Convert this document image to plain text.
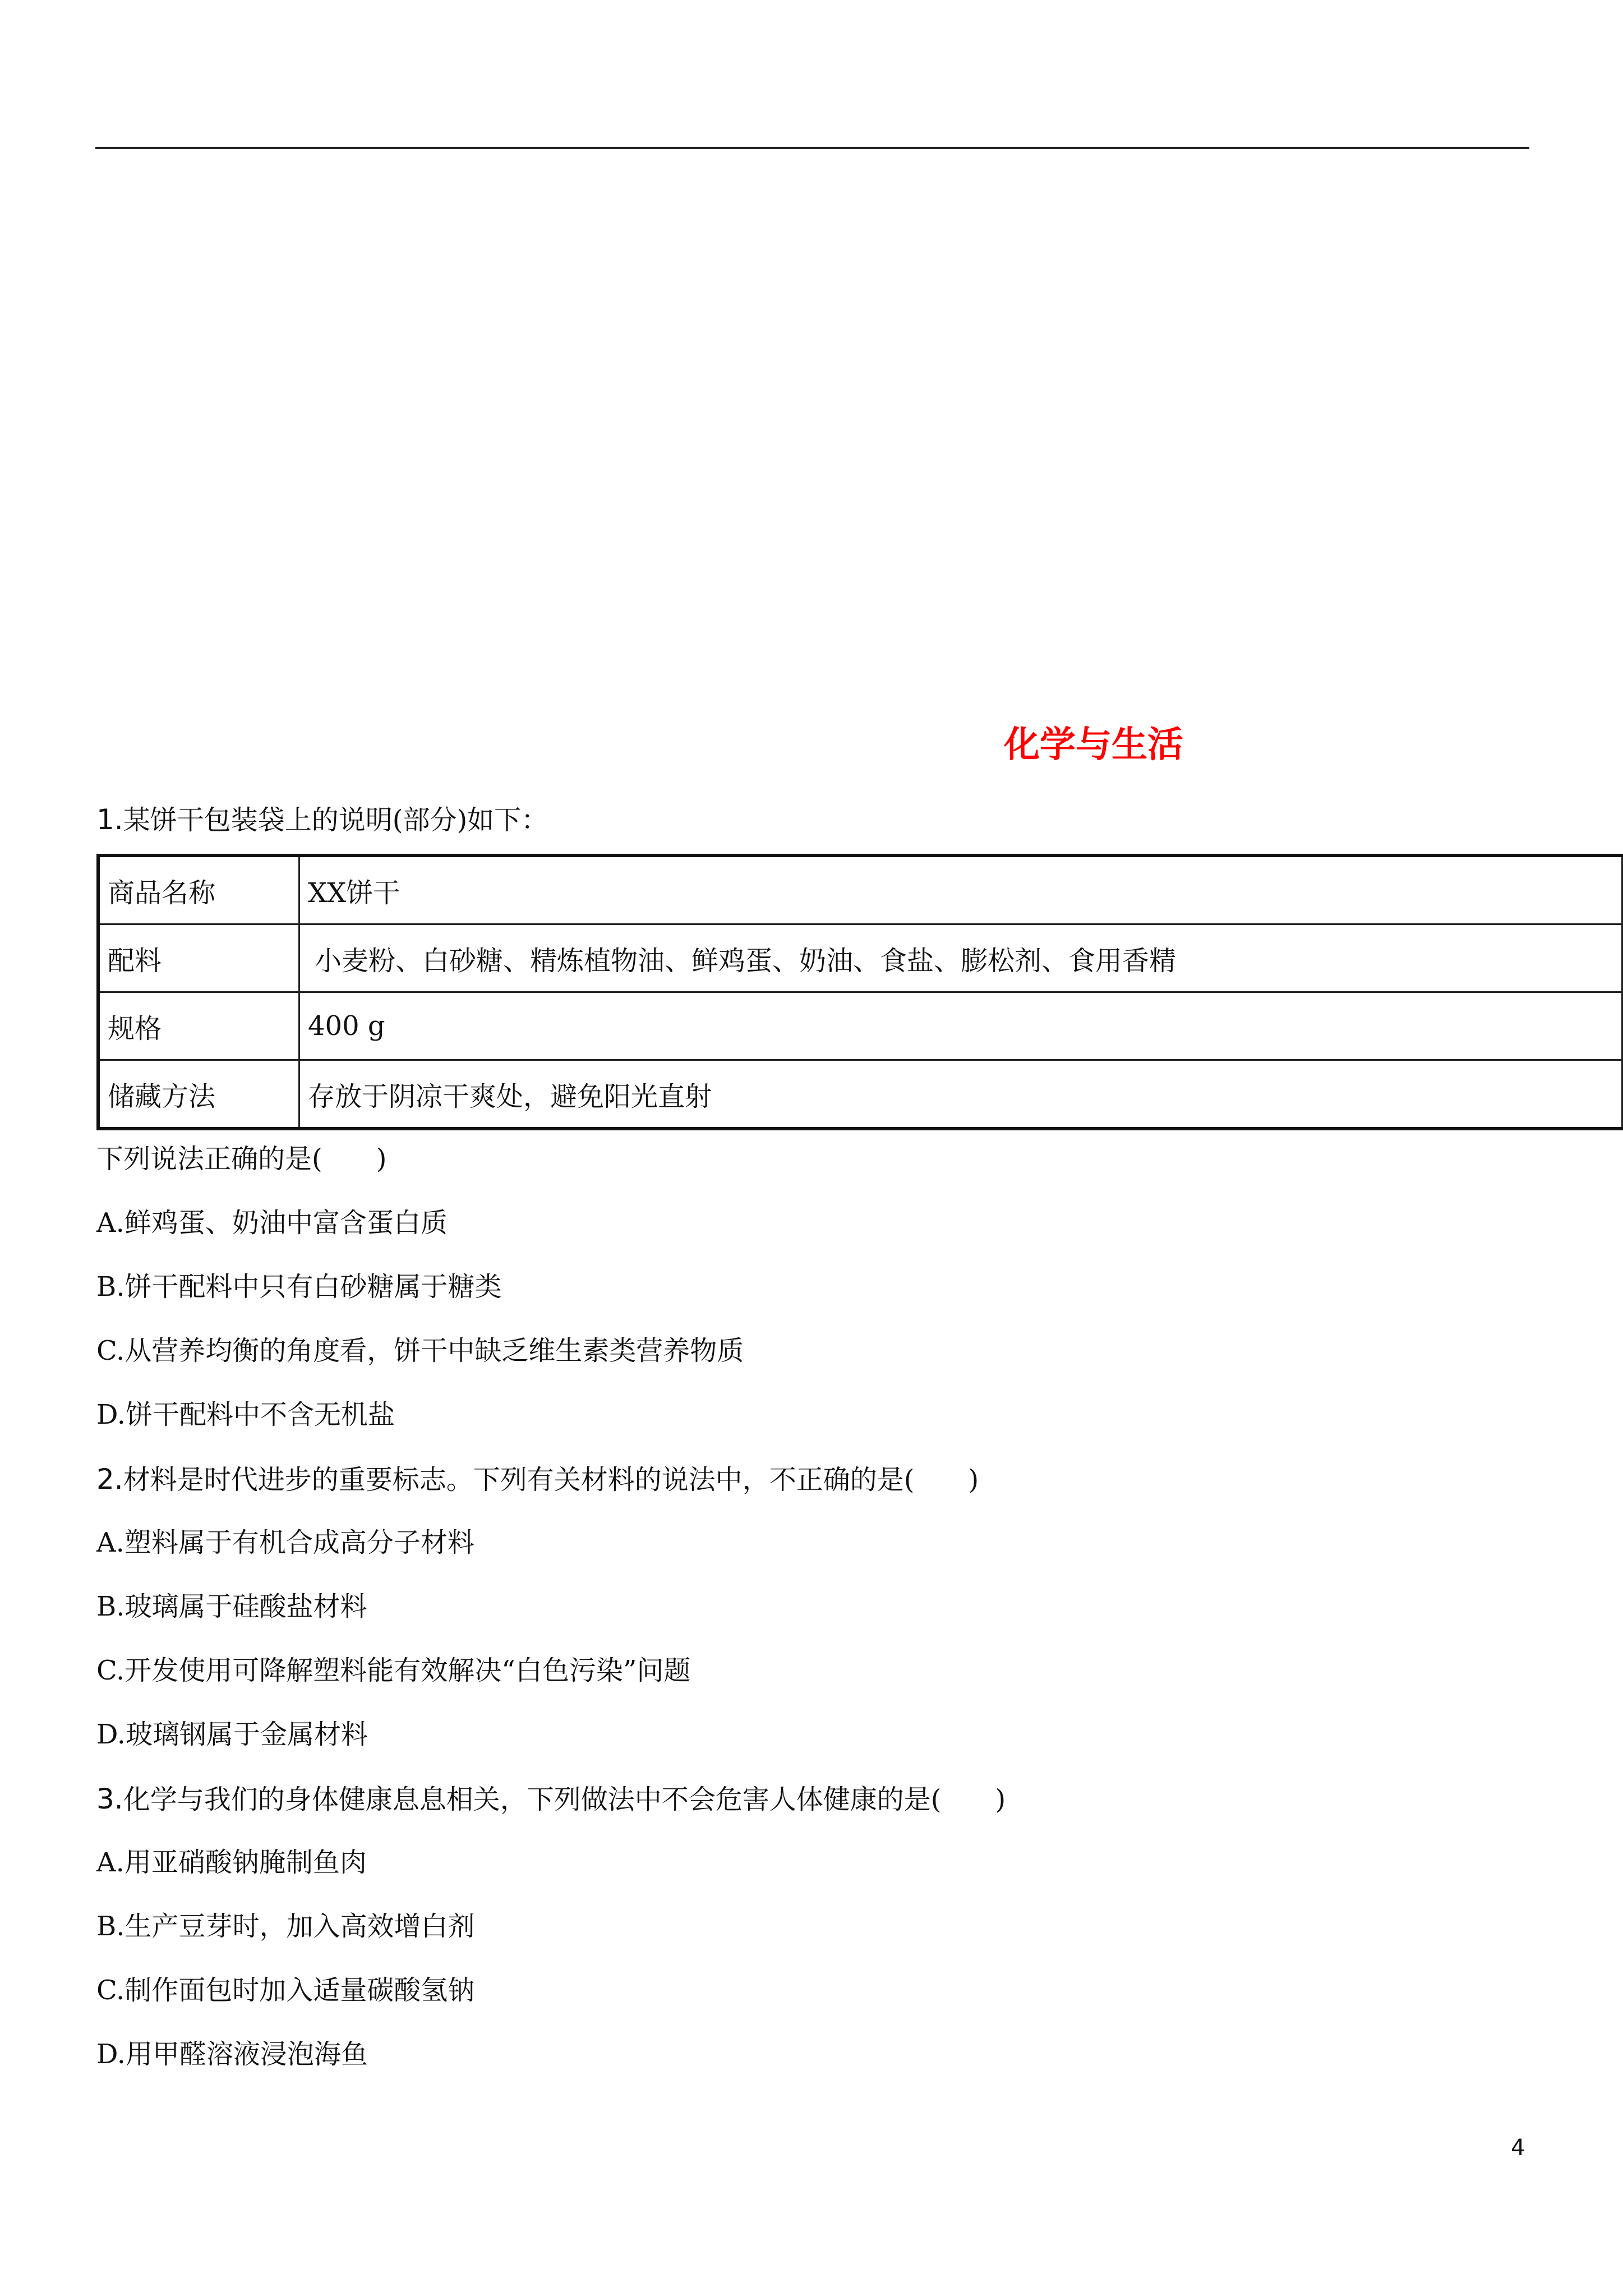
化学与生活
1.某饼干包装袋上的说明(部分)如下：
商品名称	XX饼干
配料	小麦粉、白砂糖、精炼植物油、鲜鸡蛋、奶油、食盐、膨松剂、食用香精
规格	400 g
储藏方法	存放于阴凉干爽处，避免阳光直射
下列说法正确的是(　　)
A.鲜鸡蛋、奶油中富含蛋白质
B.饼干配料中只有白砂糖属于糖类
C.从营养均衡的角度看，饼干中缺乏维生素类营养物质
D.饼干配料中不含无机盐
2.材料是时代进步的重要标志。下列有关材料的说法中，不正确的是(　　)
A.塑料属于有机合成高分子材料
B.玻璃属于硅酸盐材料
C.开发使用可降解塑料能有效解决“白色污染”问题
D.玻璃钢属于金属材料
3.化学与我们的身体健康息息相关，下列做法中不会危害人体健康的是(　　)
A.用亚硝酸钠腌制鱼肉
B.生产豆芽时，加入高效增白剂
C.制作面包时加入适量碳酸氢钠
D.用甲醛溶液浸泡海鱼
4
